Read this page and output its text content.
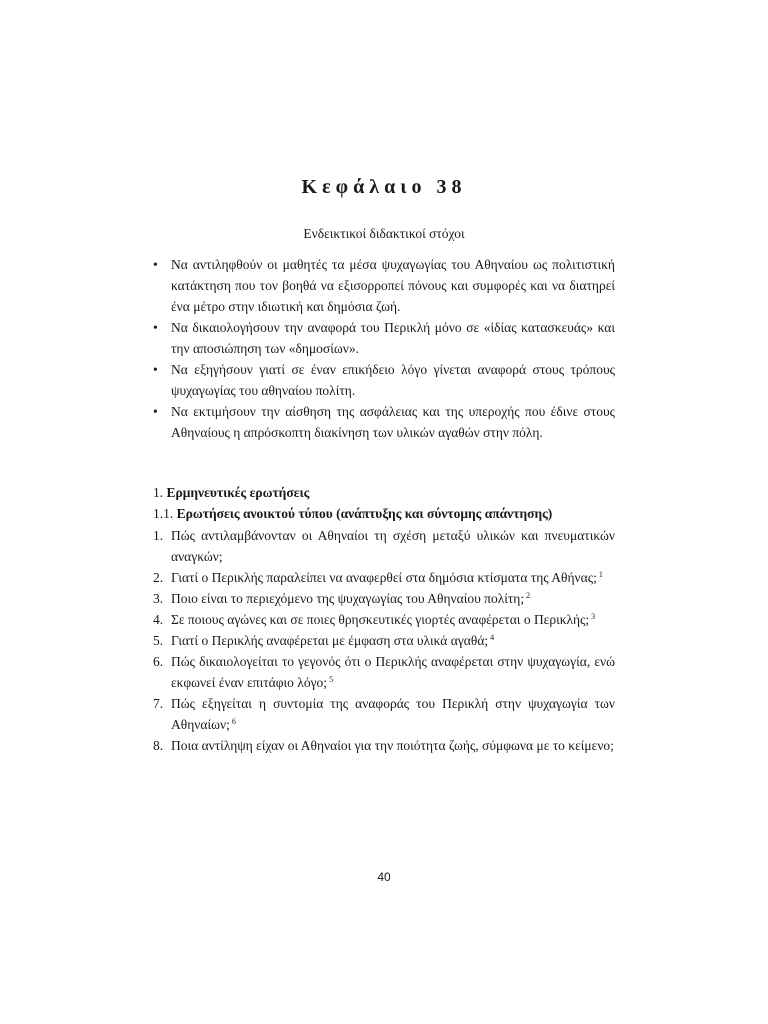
Κεφάλαιο 38
Ενδεικτικοί διδακτικοί στόχοι
• Να αντιληφθούν οι μαθητές τα μέσα ψυχαγωγίας του Αθηναίου ως πολιτιστική κατάκτηση που τον βοηθά να εξισορροπεί πόνους και συμφορές και να διατηρεί ένα μέτρο στην ιδιωτική και δημόσια ζωή.
• Να δικαιολογήσουν την αναφορά του Περικλή μόνο σε «ἰδίας κατασκευάς» και την αποσιώπηση των «δημοσίων».
• Να εξηγήσουν γιατί σε έναν επικήδειο λόγο γίνεται αναφορά στους τρόπους ψυχαγωγίας του αθηναίου πολίτη.
• Να εκτιμήσουν την αίσθηση της ασφάλειας και της υπεροχής που έδινε στους Αθηναίους η απρόσκοπτη διακίνηση των υλικών αγαθών στην πόλη.
1. Ερμηνευτικές ερωτήσεις
1.1. Ερωτήσεις ανοικτού τύπου (ανάπτυξης και σύντομης απάντησης)
1. Πώς αντιλαμβάνονταν οι Αθηναίοι τη σχέση μεταξύ υλικών και πνευματικών αναγκών;
2. Γιατί ο Περικλής παραλείπει να αναφερθεί στα δημόσια κτίσματα της Αθήνας; $^1$
3. Ποιο είναι το περιεχόμενο της ψυχαγωγίας του Αθηναίου πολίτη; $^2$
4. Σε ποιους αγώνες και σε ποιες θρησκευτικές γιορτές αναφέρεται ο Περικλής; $^3$
5. Γιατί ο Περικλής αναφέρεται με έμφαση στα υλικά αγαθά; $^4$
6. Πώς δικαιολογείται το γεγονός ότι ο Περικλής αναφέρεται στην ψυχαγωγία, ενώ εκφωνεί έναν επιτάφιο λόγο; $^5$
7. Πώς εξηγείται η συντομία της αναφοράς του Περικλή στην ψυχαγωγία των Αθηναίων; $^6$
8. Ποια αντίληψη είχαν οι Αθηναίοι για την ποιότητα ζωής, σύμφωνα με το κείμενο;
40
